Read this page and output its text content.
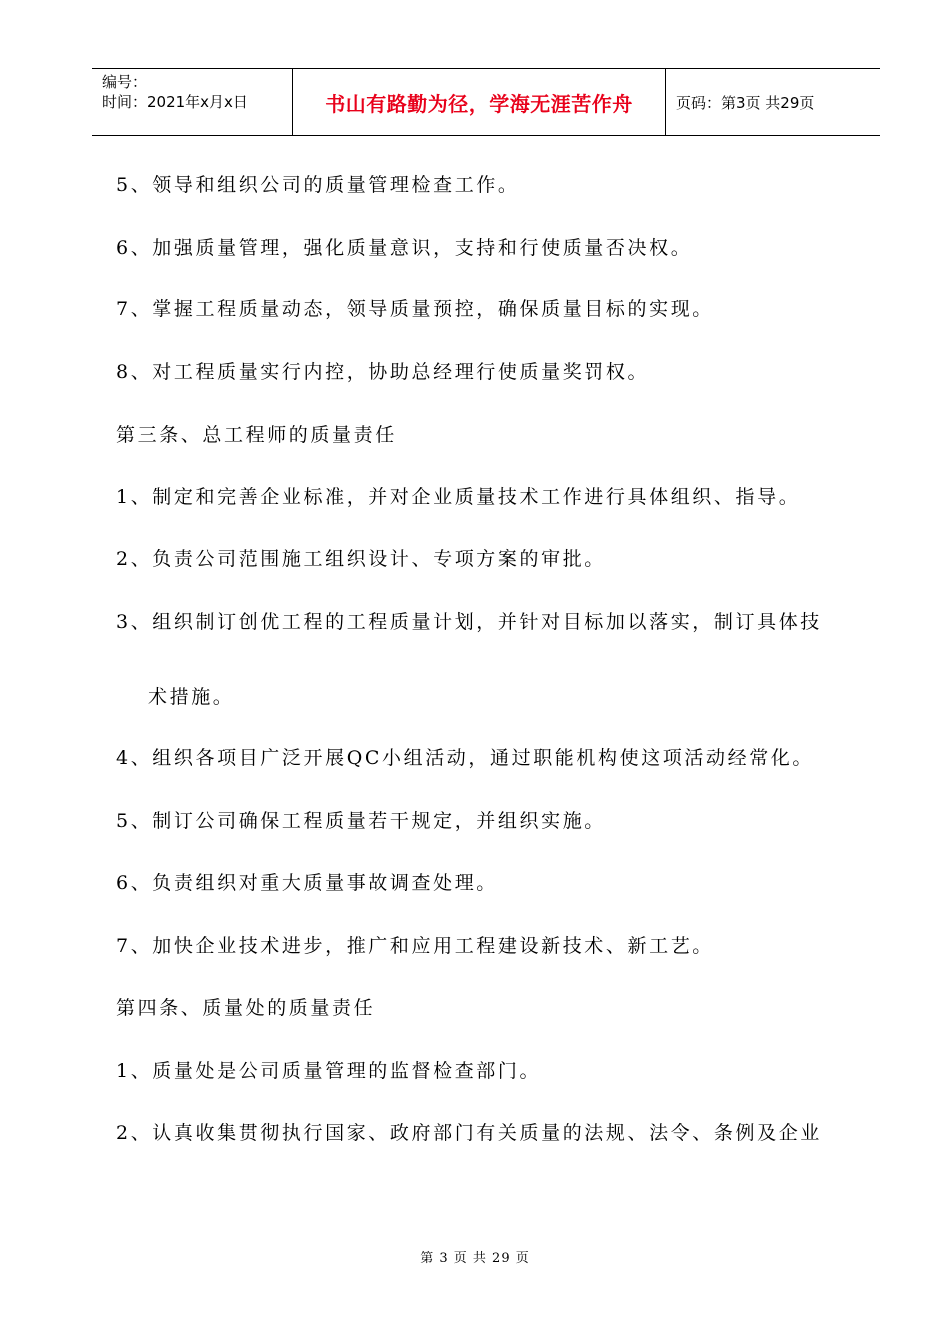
编号：
时间：2021年x月x日	书山有路勤为径，学海无涯苦作舟	页码：第3页 共29页
5、领导和组织公司的质量管理检查工作。
6、加强质量管理，强化质量意识，支持和行使质量否决权。
7、掌握工程质量动态，领导质量预控，确保质量目标的实现。
8、对工程质量实行内控，协助总经理行使质量奖罚权。
第三条、总工程师的质量责任
1、制定和完善企业标准，并对企业质量技术工作进行具体组织、指导。
2、负责公司范围施工组织设计、专项方案的审批。
3、组织制订创优工程的工程质量计划，并针对目标加以落实，制订具体技
术措施。
4、组织各项目广泛开展QC小组活动，通过职能机构使这项活动经常化。
5、制订公司确保工程质量若干规定，并组织实施。
6、负责组织对重大质量事故调查处理。
7、加快企业技术进步，推广和应用工程建设新技术、新工艺。
第四条、质量处的质量责任
1、质量处是公司质量管理的监督检查部门。
2、认真收集贯彻执行国家、政府部门有关质量的法规、法令、条例及企业
第 3 页 共 29 页
